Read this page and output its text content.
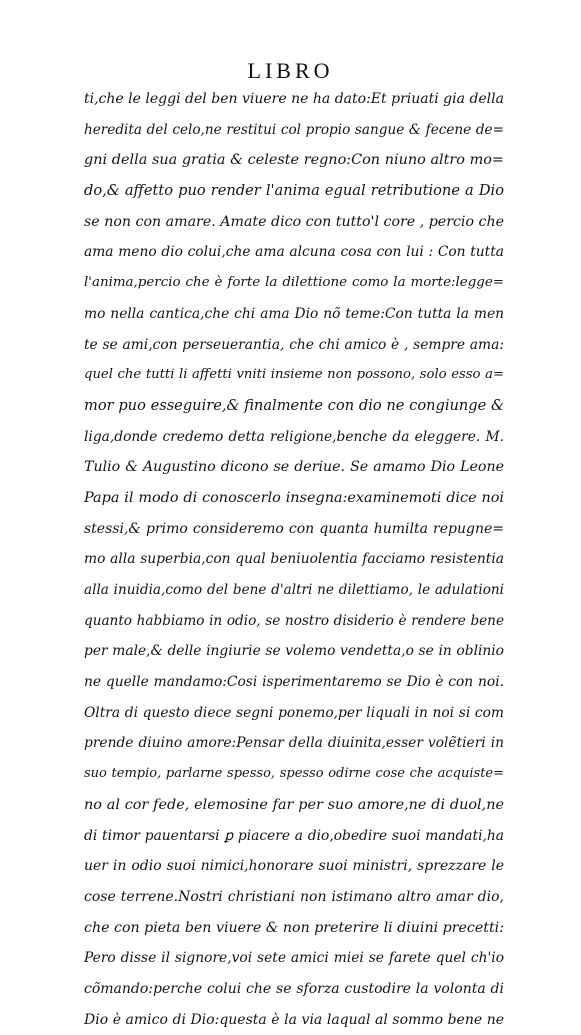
LIBRO
ti,che le leggi del ben viuere ne ha dato:Et priuati gia della
heredita del celo,ne restitui col propio sangue & fecene de=
gni della sua gratia & celeste regno:Con niuno altro mo=
do,& affetto puo render l'anima egual retributione a Dio
se non con amare. Amate dico con tutto'l core , percio che
ama meno dio colui,che ama alcuna cosa con lui : Con tutta
l'anima,percio che è forte la dilettione como la morte:leggе=
mo nella cantica,che chi ama Dio nõ teme:Con tutta la men
te se ami,con perseuerantia, che chi amico è , sempre ama:
quel che tutti li affetti vniti insieme non possono, solo esso a=
mor puo esseguire,& finalmente con dio ne congiunge &
liga,donde credemo detta religione,benche da eleggere. M.
Tulio & Augustino dicono se deriue. Se amamo Dio Leone
Papa il modo di conoscerlo insegna:examinemoti dice noi
stessi,& primo consideremo con quanta humilta repugne=
mo alla superbia,con qual beniuolentia facciamo resistentia
alla inuidia,como del bene d'altri ne dilettiamo, le adulationi
quanto habbiamo in odio, se nostro disiderio è rendere bene
per male,& delle ingiurie se volemo vendetta,o se in oblinio
ne quelle mandamo:Cosi isperimentaremo se Dio è con noi.
Oltra di questo diece segni ponemo,per liquali in noi si com
prende diuino amore:Pensar della diuinita,esser volẽtieri in
suo tempio, parlarne spesso, spesso odirne cose che acquiste=
no al cor fede, elemosine far per suo amore,ne di duol,ne
di timor pauentarsi ꝑ piacere a dio,obedire suoi mandati,ha
uer in odio suoi nimici,honorare suoi ministri, sprezzare le
cose terrene.Nostri christiani non istimano altro amar dio,
che con pieta ben viuere & non preterire li diuini precetti:
Pero disse il signore,voi sete amici miei se farete quel ch'io
cõmando:perche colui che se sforza custodire la volonta di
Dio è amico di Dio:questa è la via laqual al sommo bene ne
